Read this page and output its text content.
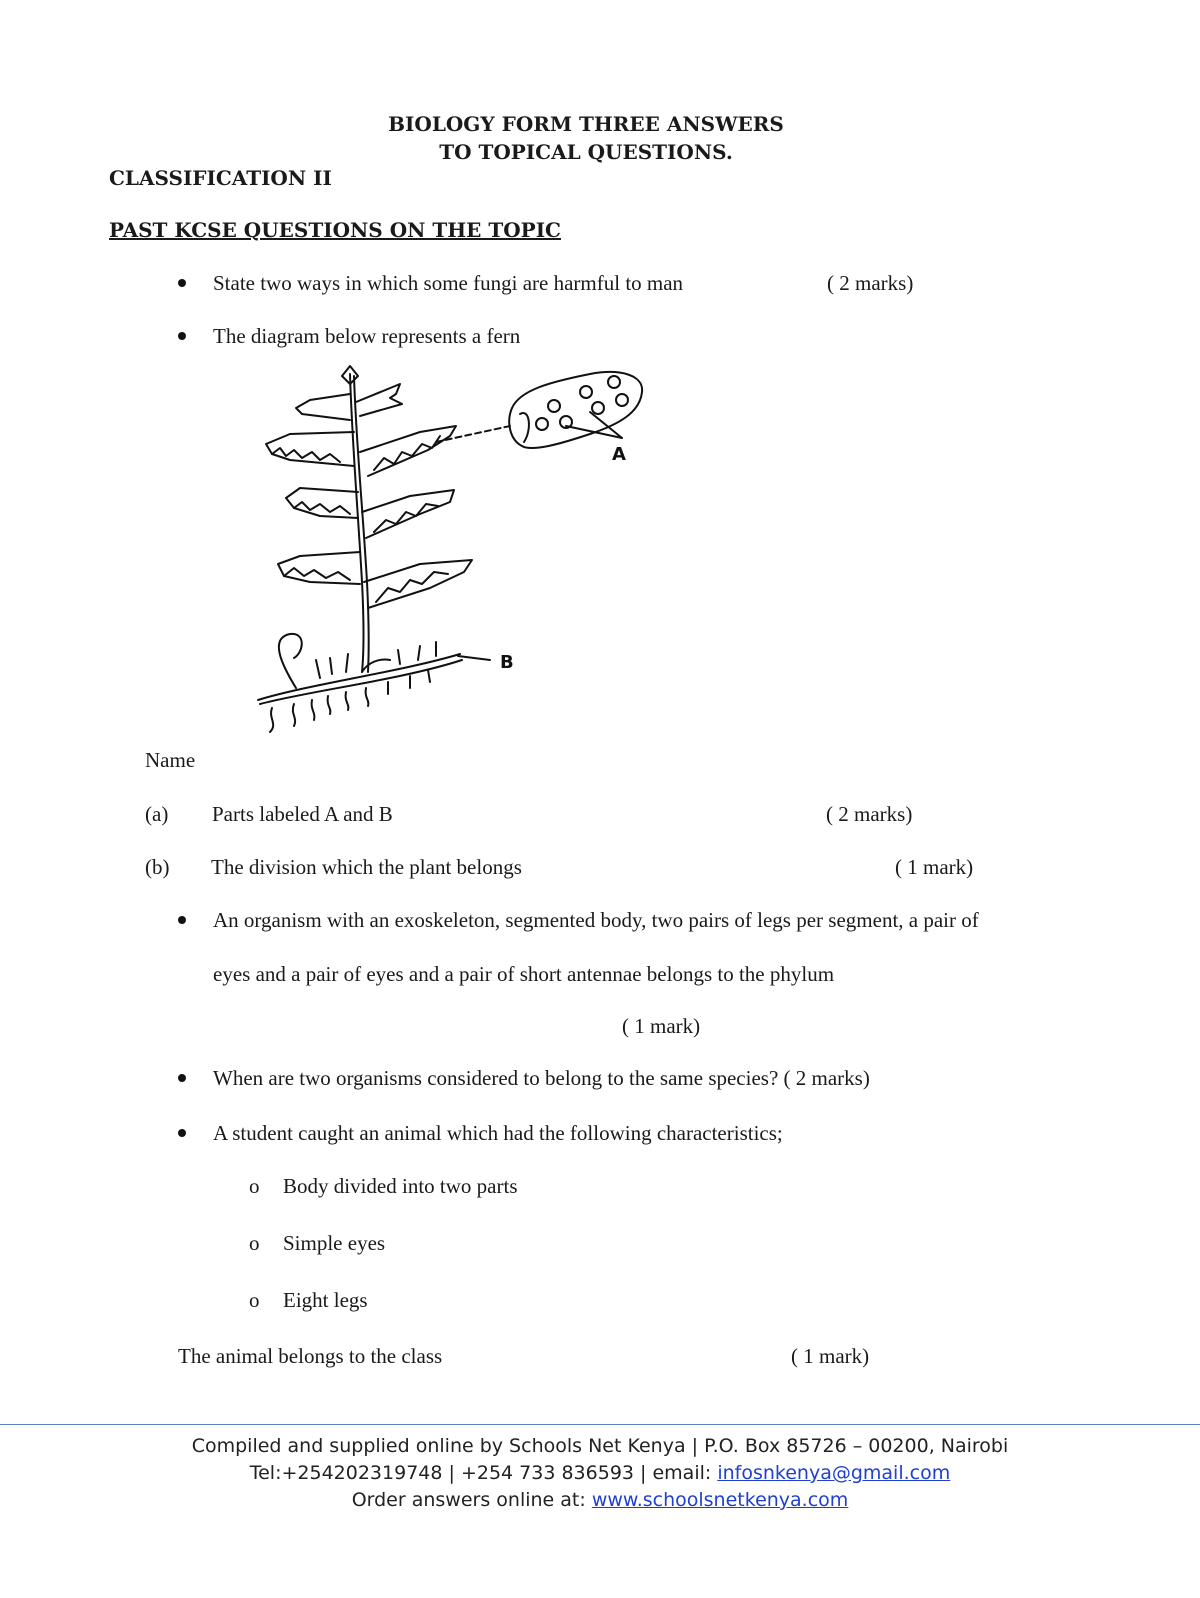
BIOLOGY FORM THREE ANSWERS
TO TOPICAL QUESTIONS.
CLASSIFICATION II
PAST KCSE QUESTIONS ON THE TOPIC
State two ways in which some fungi are harmful to man	( 2 marks)
The diagram below represents a fern
A
B
Name
(a) Parts labeled A and B	( 2 marks)
(b) The division which the plant belongs	( 1 mark)
An organism with an exoskeleton, segmented body, two pairs of legs per segment, a pair of
eyes and a pair of eyes and a pair of short antennae belongs to the phylum
( 1 mark)
When are two organisms considered to belong to the same species? ( 2 marks)
A student caught an animal which had the following characteristics;
o Body divided into two parts
o Simple eyes
o Eight legs
The animal belongs to the class	( 1 mark)
Compiled and supplied online by Schools Net Kenya | P.O. Box 85726 – 00200, Nairobi
Tel:+254202319748 | +254 733 836593 | email: infosnkenya@gmail.com
Order answers online at: www.schoolsnetkenya.com
